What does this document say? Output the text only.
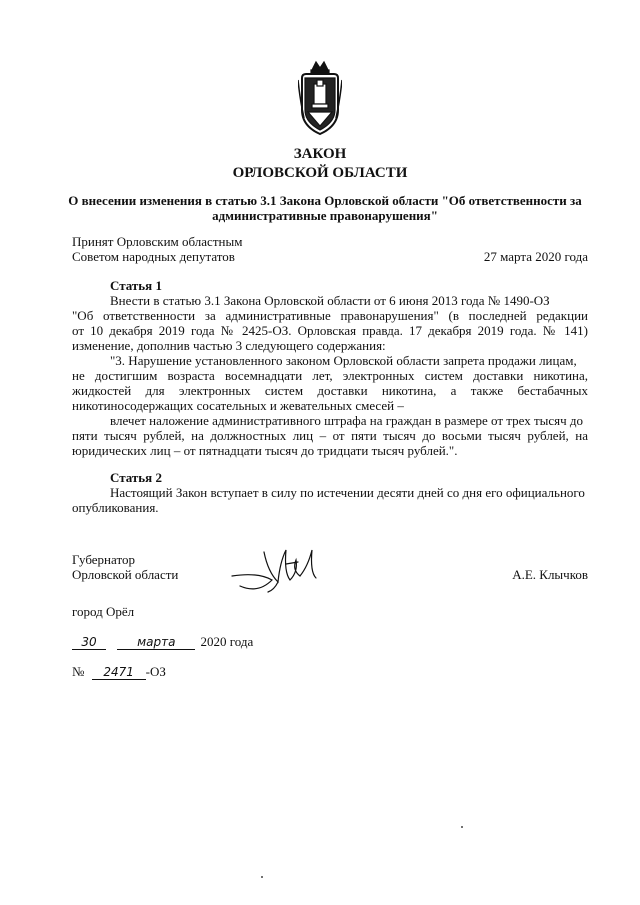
ЗАКОН
ОРЛОВСКОЙ ОБЛАСТИ
О внесении изменения в статью 3.1 Закона Орловской области "Об ответственности за
административные правонарушения"
Принят Орловским областным
Советом народных депутатов	27 марта 2020 года
Статья 1
Внести в статью 3.1 Закона Орловской области от 6 июня 2013 года № 1490-ОЗ
"Об ответственности за административные правонарушения" (в последней редакции
от 10 декабря 2019 года № 2425-ОЗ. Орловская правда. 17 декабря 2019 года. № 141)
изменение, дополнив частью 3 следующего содержания:
"3. Нарушение установленного законом Орловской области запрета продажи лицам,
не достигшим возраста восемнадцати лет, электронных систем доставки никотина,
жидкостей для электронных систем доставки никотина, а также бестабачных
никотиносодержащих сосательных и жевательных смесей –
влечет наложение административного штрафа на граждан в размере от трех тысяч до
пяти тысяч рублей, на должностных лиц – от пяти тысяч до восьми тысяч рублей, на
юридических лиц – от пятнадцати тысяч до тридцати тысяч рублей.".
Статья 2
Настоящий Закон вступает в силу по истечении десяти дней со дня его официального
опубликования.
Губернатор
Орловской области	А.Е. Клычков
город Орёл
30	марта 2020 года
№ 2471 -ОЗ
